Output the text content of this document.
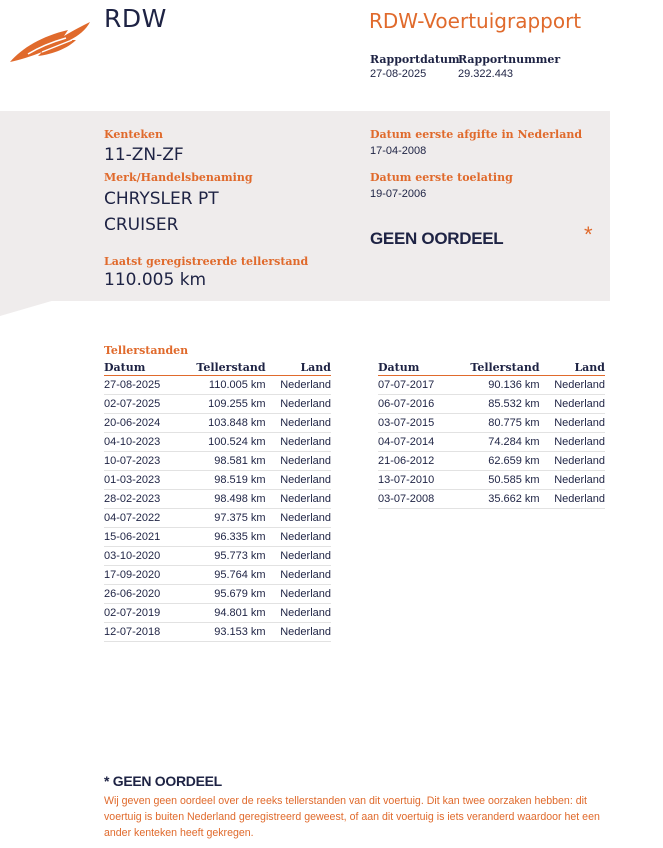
RDW	RDW-Voertuigrapport
Rapportdatum
27-08-2025
Rapportnummer
29.322.443
Kenteken
11-ZN-ZF
Merk/Handelsbenaming
CHRYSLER PT
CRUISER
Laatst geregistreerde tellerstand
110.005 km
Datum eerste afgifte in Nederland
17-04-2008
Datum eerste toelating
19-07-2006
GEEN OORDEEL	*
Tellerstanden
Datum	Tellerstand	Land
27-08-2025	110.005 km	Nederland
02-07-2025	109.255 km	Nederland
20-06-2024	103.848 km	Nederland
04-10-2023	100.524 km	Nederland
10-07-2023	98.581 km	Nederland
01-03-2023	98.519 km	Nederland
28-02-2023	98.498 km	Nederland
04-07-2022	97.375 km	Nederland
15-06-2021	96.335 km	Nederland
03-10-2020	95.773 km	Nederland
17-09-2020	95.764 km	Nederland
26-06-2020	95.679 km	Nederland
02-07-2019	94.801 km	Nederland
12-07-2018	93.153 km	Nederland
Datum	Tellerstand	Land
07-07-2017	90.136 km	Nederland
06-07-2016	85.532 km	Nederland
03-07-2015	80.775 km	Nederland
04-07-2014	74.284 km	Nederland
21-06-2012	62.659 km	Nederland
13-07-2010	50.585 km	Nederland
03-07-2008	35.662 km	Nederland
* GEEN OORDEEL
Wij geven geen oordeel over de reeks tellerstanden van dit voertuig. Dit kan twee oorzaken hebben: dit voertuig is buiten Nederland geregistreerd geweest, of aan dit voertuig is iets veranderd waardoor het een ander kenteken heeft gekregen.
